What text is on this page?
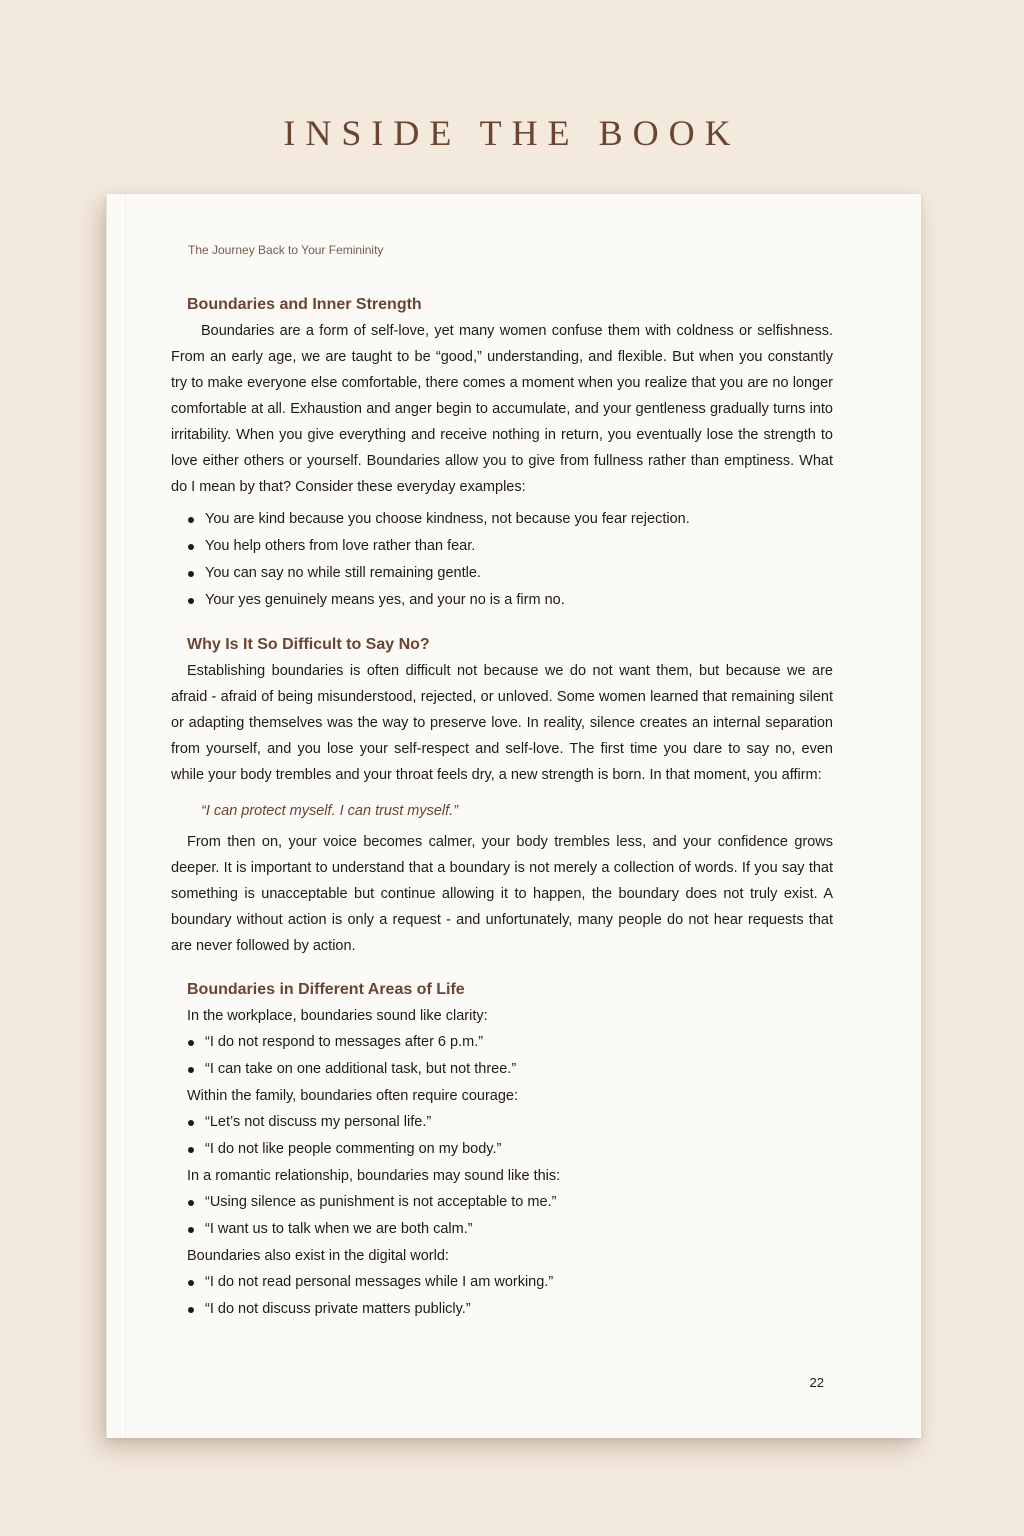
INSIDE THE BOOK
The Journey Back to Your Femininity
Boundaries and Inner Strength

Boundaries are a form of self-love, yet many women confuse them with coldness or selfishness. From an early age, we are taught to be “good,” understanding, and flexible. But when you constantly try to make everyone else comfortable, there comes a moment when you realize that you are no longer comfortable at all. Exhaustion and anger begin to accumulate, and your gentleness gradually turns into irritability. When you give everything and receive nothing in return, you eventually lose the strength to love either others or yourself. Boundaries allow you to give from fullness rather than emptiness. What do I mean by that? Consider these everyday examples:

You are kind because you choose kindness, not because you fear rejection.
You help others from love rather than fear.
You can say no while still remaining gentle.
Your yes genuinely means yes, and your no is a firm no.
Why Is It So Difficult to Say No?

Establishing boundaries is often difficult not because we do not want them, but because we are afraid - afraid of being misunderstood, rejected, or unloved. Some women learned that remaining silent or adapting themselves was the way to preserve love. In reality, silence creates an internal separation from yourself, and you lose your self-respect and self-love. The first time you dare to say no, even while your body trembles and your throat feels dry, a new strength is born. In that moment, you affirm:

“I can protect myself. I can trust myself.”

From then on, your voice becomes calmer, your body trembles less, and your confidence grows deeper. It is important to understand that a boundary is not merely a collection of words. If you say that something is unacceptable but continue allowing it to happen, the boundary does not truly exist. A boundary without action is only a request - and unfortunately, many people do not hear requests that are never followed by action.

Boundaries in Different Areas of Life

In the workplace, boundaries sound like clarity:

“I do not respond to messages after 6 p.m.”
“I can take on one additional task, but not three.”

Within the family, boundaries often require courage:

“Let’s not discuss my personal life.”
“I do not like people commenting on my body.”

In a romantic relationship, boundaries may sound like this:

“Using silence as punishment is not acceptable to me.”
“I want us to talk when we are both calm.”

Boundaries also exist in the digital world:

“I do not read personal messages while I am working.”
“I do not discuss private matters publicly.”
22
